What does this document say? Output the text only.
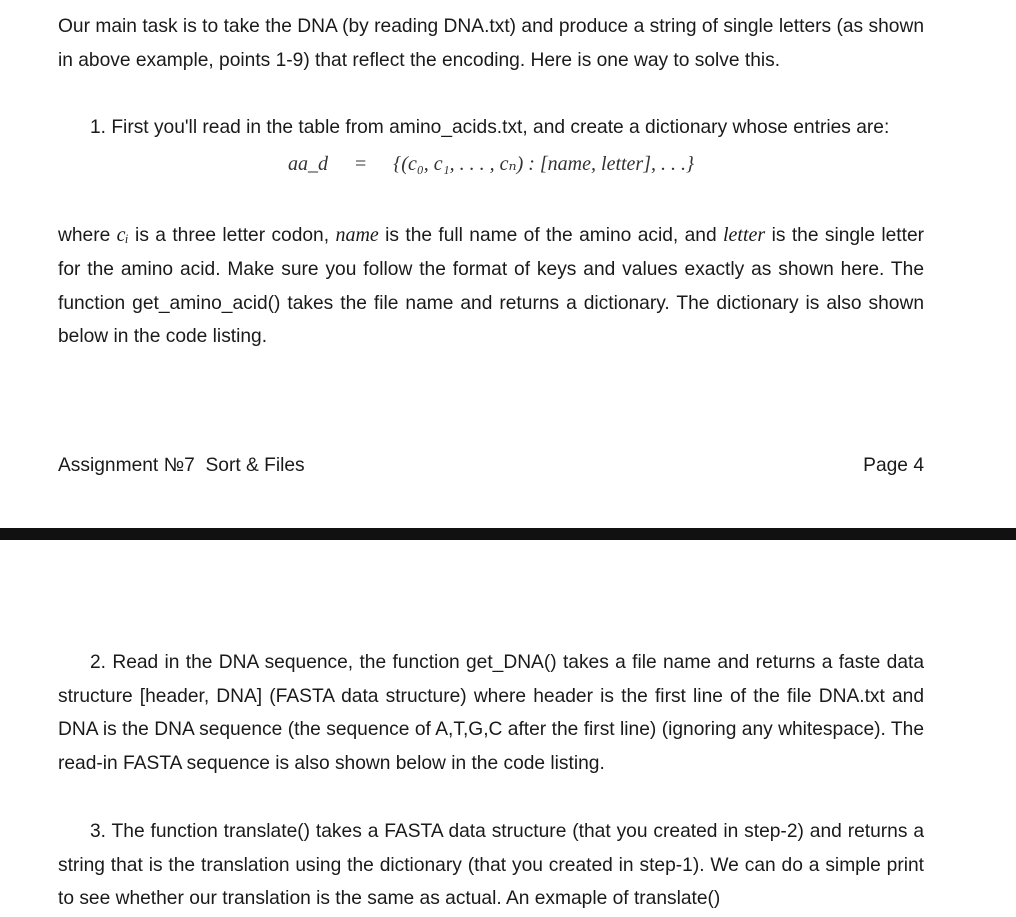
Our main task is to take the DNA (by reading DNA.txt) and produce a string of single letters (as shown in above example, points 1-9) that reflect the encoding. Here is one way to solve this.

1. First you'll read in the table from amino_acids.txt, and create a dictionary whose entries are:

aa_d = {(c₀, c₁, . . . , cₙ) : [name, letter], . . .}

where cᵢ is a three letter codon, name is the full name of the amino acid, and letter is the single letter for the amino acid. Make sure you follow the format of keys and values exactly as shown here. The function get_amino_acid() takes the file name and returns a dictionary. The dictionary is also shown below in the code listing.

Assignment №7  Sort & Files	Page 4

2. Read in the DNA sequence, the function get_DNA() takes a file name and returns a faste data structure [header, DNA] (FASTA data structure) where header is the first line of the file DNA.txt and DNA is the DNA sequence (the sequence of A,T,G,C after the first line) (ignoring any whitespace). The read-in FASTA sequence is also shown below in the code listing.

3. The function translate() takes a FASTA data structure (that you created in step-2) and returns a string that is the translation using the dictionary (that you created in step-1). We can do a simple print to see whether our translation is the same as actual. An exmaple of translate()
